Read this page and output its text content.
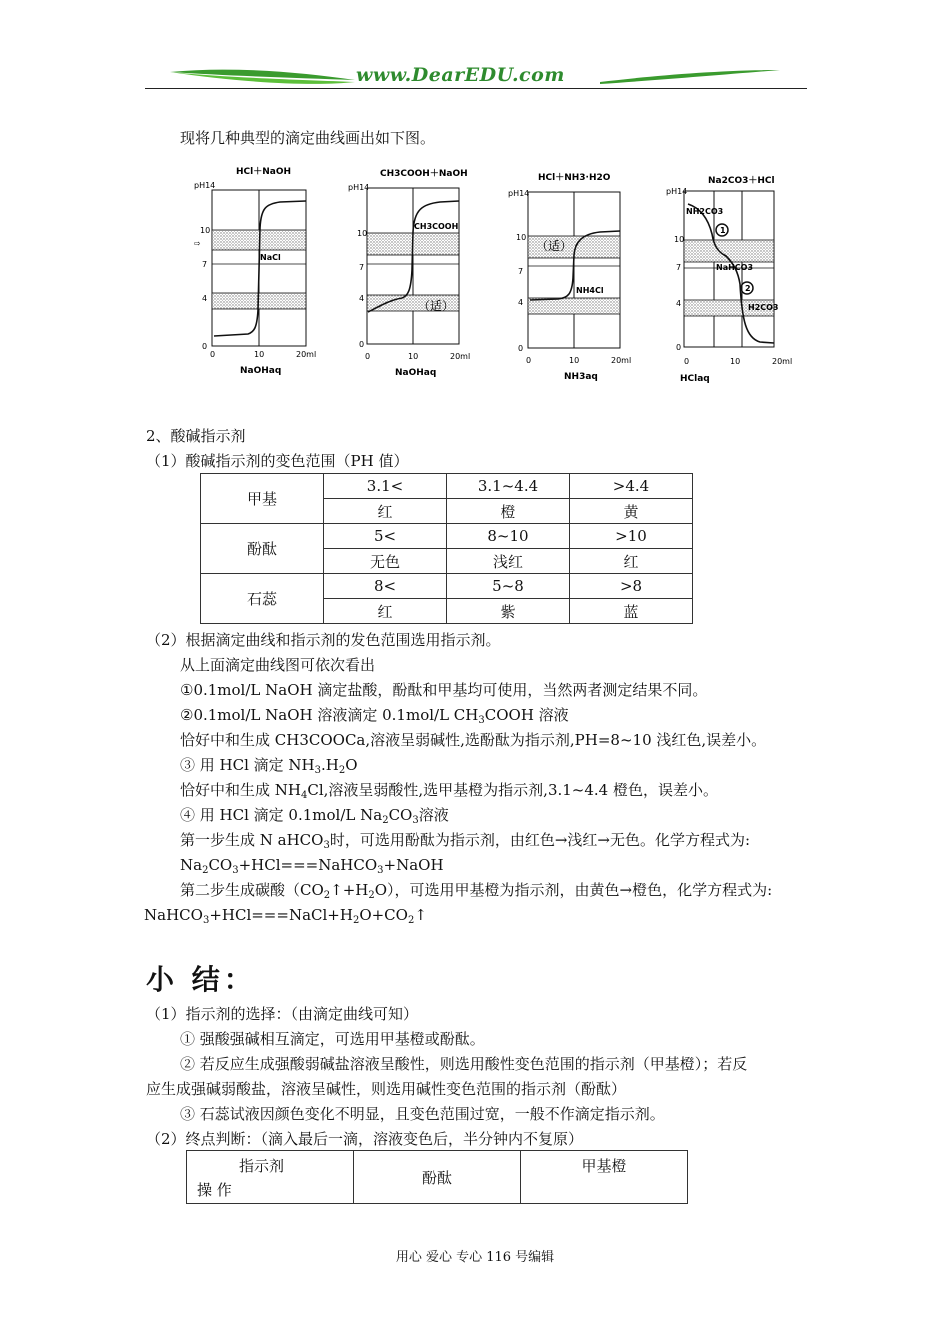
www.DearEDU.com
现将几种典型的滴定曲线画出如下图。
HCl＋NaOH
pH14
10
7
4
0
⇨
0	10	20ml
NaOHaq
NaCl
CH3COOH＋NaOH
pH14
10
7
4
0
0	10	20ml
NaOHaq
CH3COOH
（适）
HCl＋NH3·H2O
pH14
10
7
4
0
0	10	20ml
NH3aq
（适）
NH4Cl
Na2CO3＋HCl
pH14
10
7
4
0
0	10	20ml
HClaq
NH2CO3
NaHCO3
H2CO3
1
2
2、酸碱指示剂
（1）酸碱指示剂的变色范围（PH 值）
甲基	3.1<	3.1~4.4	>4.4
	红	橙	黄
酚酞	5<	8~10	>10
	无色	浅红	红
石蕊	8<	5~8	>8
	红	紫	蓝
（2）根据滴定曲线和指示剂的发色范围选用指示剂。
从上面滴定曲线图可依次看出
①0.1mol/L NaOH 滴定盐酸，酚酞和甲基均可使用，当然两者测定结果不同。
②0.1mol/L NaOH 溶液滴定 0.1mol/L $CH_3COOH$ 溶液
恰好中和生成 CH3COOCa,溶液呈弱碱性,选酚酞为指示剂,PH=8~10 浅红色,误差小。
③ 用 HCl 滴定 $NH_3.H_2O$
恰好中和生成 $NH_4Cl$,溶液呈弱酸性,选甲基橙为指示剂,3.1~4.4 橙色，误差小。
④ 用 HCl 滴定 0.1mol/L $Na_2CO_3$溶液
第一步生成 N aHCO$_3$时，可选用酚酞为指示剂，由红色→浅红→无色。化学方程式为:
$Na_2CO_3+HCl===NaHCO_3+NaOH$
第二步生成碳酸$(CO_2↑+H_2O)$，可选用甲基橙为指示剂，由黄色→橙色，化学方程式为:
$NaHCO_3+HCl===NaCl+H_2O+CO_2↑$
小 结：
（1）指示剂的选择：（由滴定曲线可知）
① 强酸强碱相互滴定，可选用甲基橙或酚酞。
② 若反应生成强酸弱碱盐溶液呈酸性，则选用酸性变色范围的指示剂（甲基橙）；若反
应生成强碱弱酸盐，溶液呈碱性，则选用碱性变色范围的指示剂（酚酞）
③ 石蕊试液因颜色变化不明显，且变色范围过宽，一般不作滴定指示剂。
（2）终点判断：（滴入最后一滴，溶液变色后，半分钟内不复原）
指示剂
操 作
	酚酞	甲基橙
用心 爱心 专心 116 号编辑
